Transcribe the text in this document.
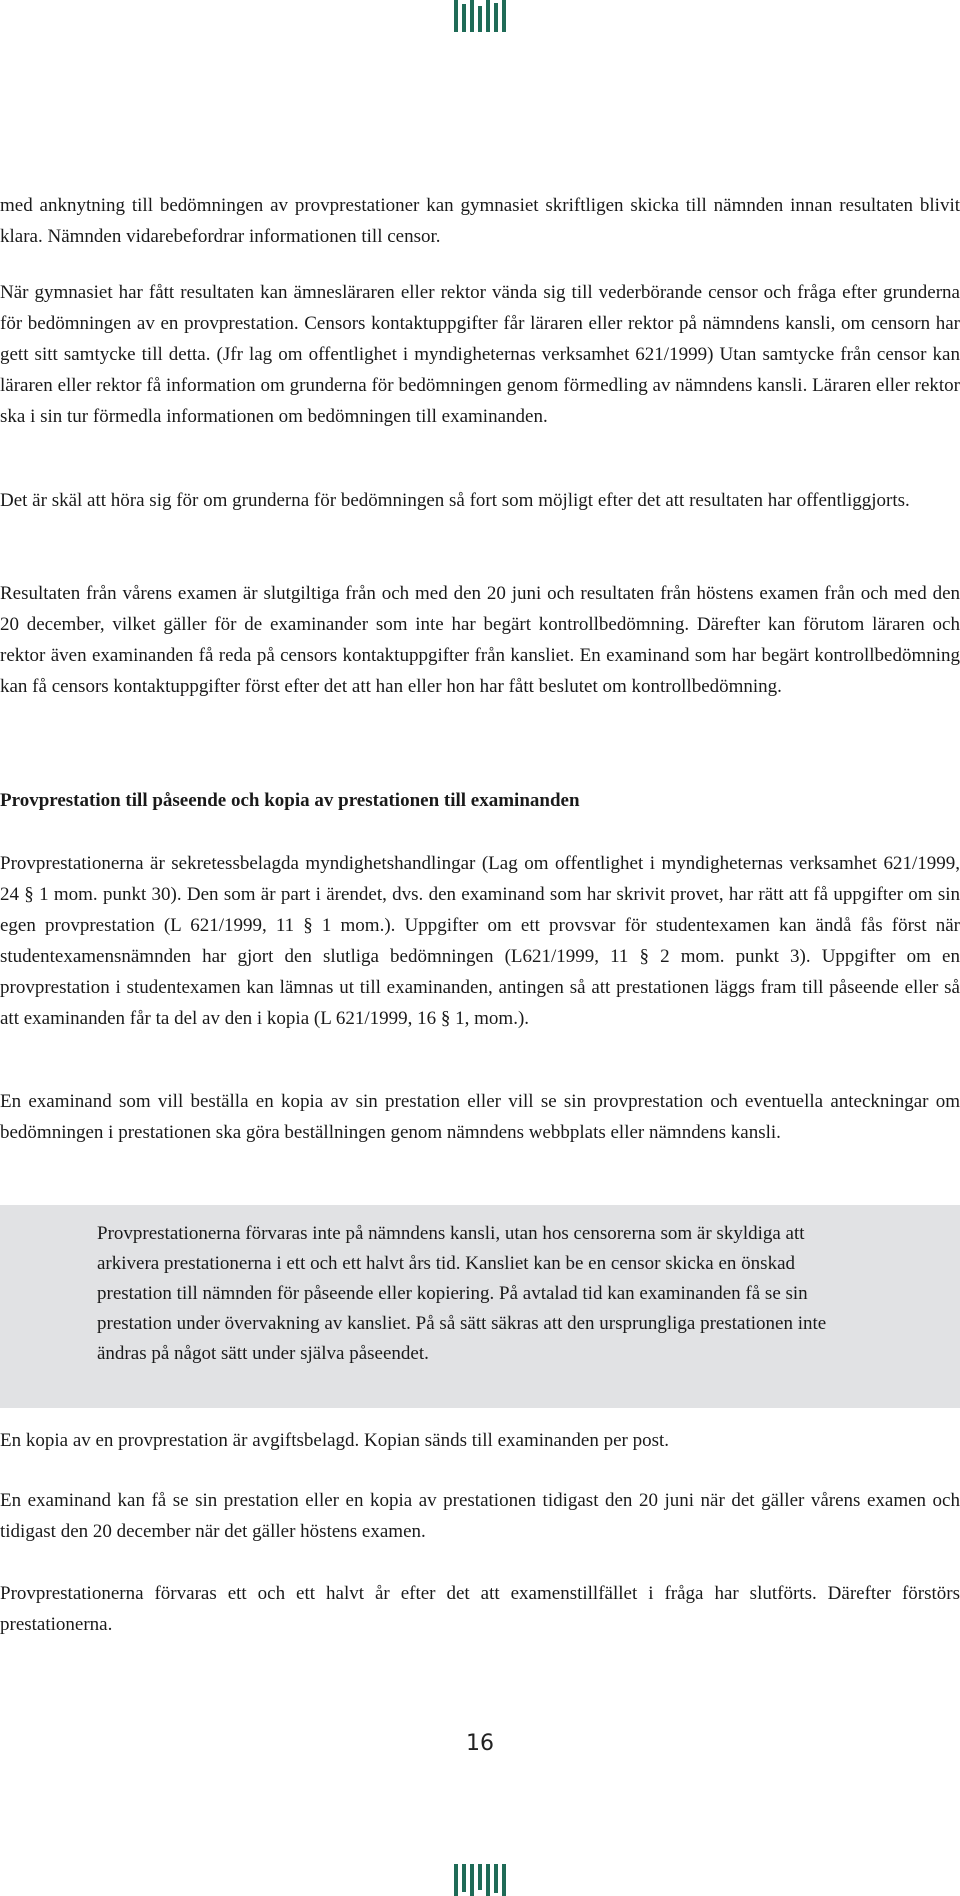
med anknytning till bedömningen av provprestationer kan gymnasiet skriftligen skicka till nämnden innan resultaten blivit klara. Nämnden vidarebefordrar informationen till censor.

När gymnasiet har fått resultaten kan ämnesläraren eller rektor vända sig till vederbörande censor och fråga efter grunderna för bedömningen av en provprestation. Censors kontaktuppgifter får läraren eller rektor på nämndens kansli, om censorn har gett sitt samtycke till detta. (Jfr lag om offentlighet i myndigheternas verksamhet 621/1999) Utan samtycke från censor kan läraren eller rektor få information om grunderna för bedömningen genom förmedling av nämndens kansli. Läraren eller rektor ska i sin tur förmedla informationen om bedömningen till examinanden.

Det är skäl att höra sig för om grunderna för bedömningen så fort som möjligt efter det att resultaten har offentliggjorts.

Resultaten från vårens examen är slutgiltiga från och med den 20 juni och resultaten från höstens examen från och med den 20 december, vilket gäller för de examinander som inte har begärt kontrollbedömning. Därefter kan förutom läraren och rektor även examinanden få reda på censors kontaktuppgifter från kansliet. En examinand som har begärt kontrollbedömning kan få censors kontaktuppgifter först efter det att han eller hon har fått beslutet om kontrollbedömning.

Provprestation till påseende och kopia av prestationen till examinanden

Provprestationerna är sekretessbelagda myndighetshandlingar (Lag om offentlighet i myndigheternas verksamhet 621/1999, 24 § 1 mom. punkt 30). Den som är part i ärendet, dvs. den examinand som har skrivit provet, har rätt att få uppgifter om sin egen provprestation (L 621/1999, 11 § 1 mom.). Uppgifter om ett provsvar för studentexamen kan ändå fås först när studentexamensnämnden har gjort den slutliga bedömningen (L621/1999, 11 § 2 mom. punkt 3). Uppgifter om en provprestation i studentexamen kan lämnas ut till examinanden, antingen så att prestationen läggs fram till påseende eller så att examinanden får ta del av den i kopia (L 621/1999, 16 § 1, mom.).

En examinand som vill beställa en kopia av sin prestation eller vill se sin provprestation och eventuella anteckningar om bedömningen i prestationen ska göra beställningen genom nämndens webbplats eller nämndens kansli.

Provprestationerna förvaras inte på nämndens kansli, utan hos censorerna som är skyldiga att arkivera prestationerna i ett och ett halvt års tid. Kansliet kan be en censor skicka en önskad prestation till nämnden för påseende eller kopiering. På avtalad tid kan examinanden få se sin prestation under övervakning av kansliet. På så sätt säkras att den ursprungliga prestationen inte ändras på något sätt under själva påseendet.

En kopia av en provprestation är avgiftsbelagd. Kopian sänds till examinanden per post.

En examinand kan få se sin prestation eller en kopia av prestationen tidigast den 20 juni när det gäller vårens examen och tidigast den 20 december när det gäller höstens examen.

Provprestationerna förvaras ett och ett halvt år efter det att examenstillfället i fråga har slutförts. Därefter förstörs prestationerna.

16
